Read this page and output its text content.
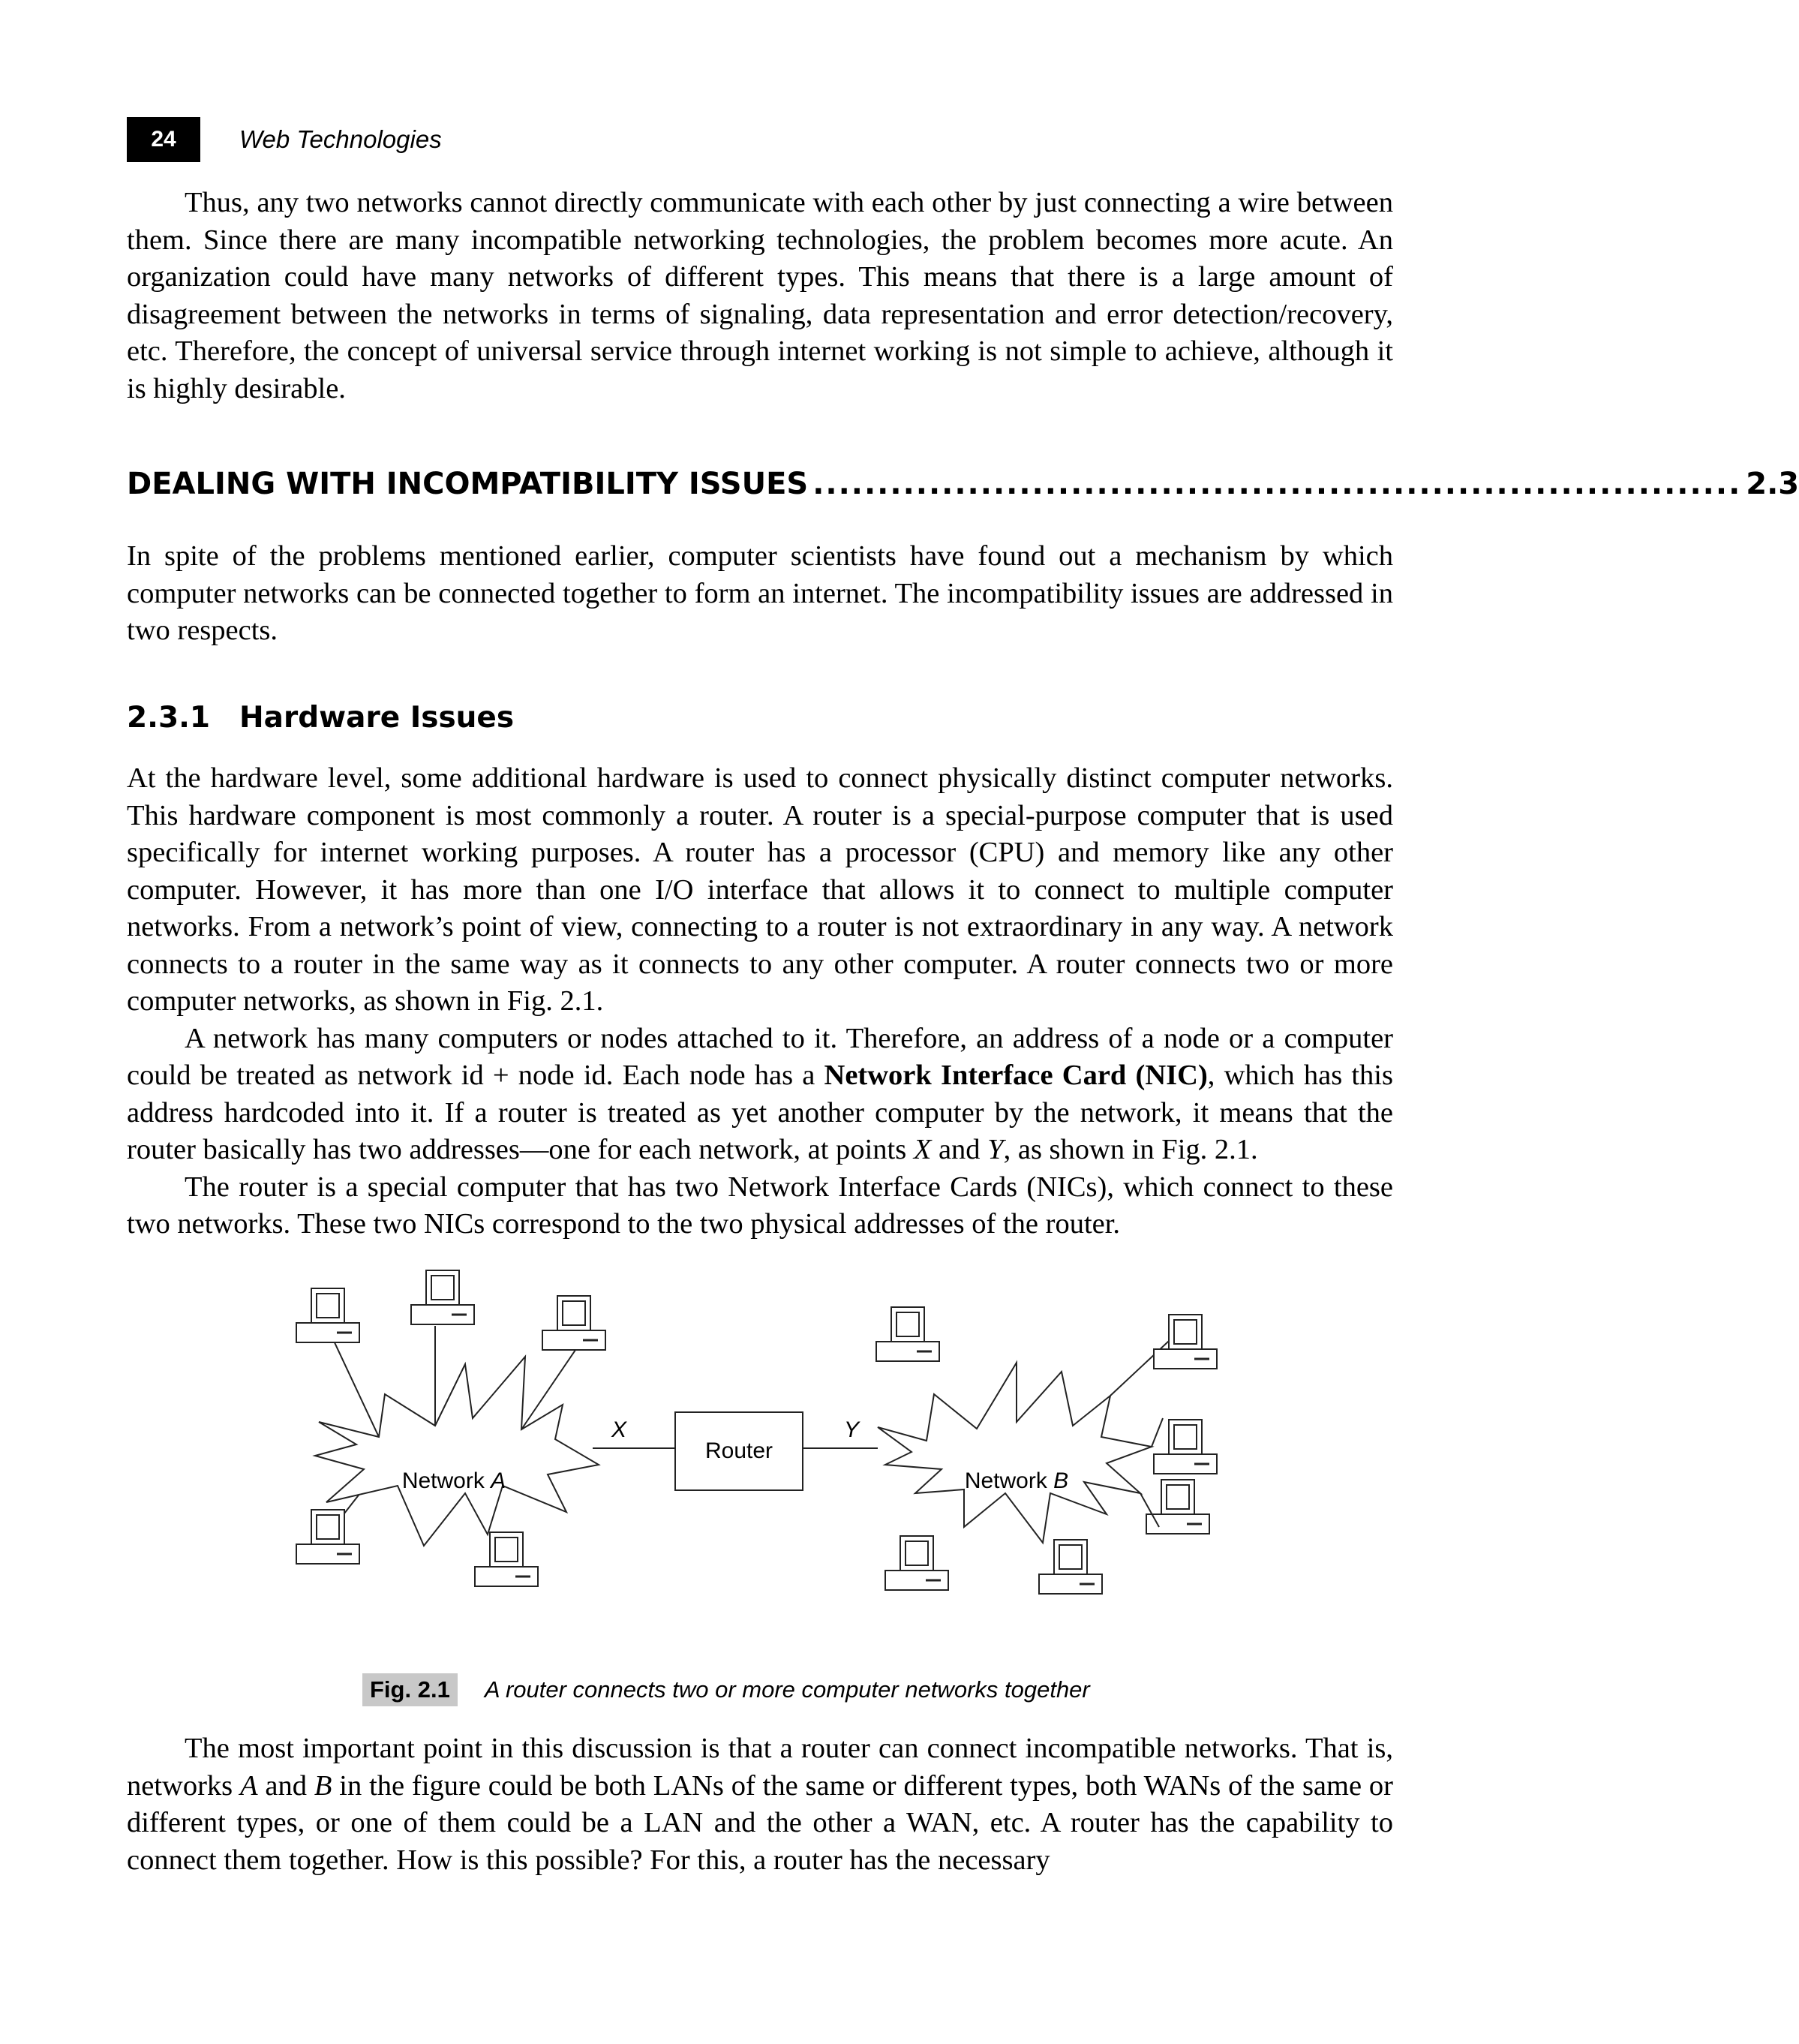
24	Web Technologies

Thus, any two networks cannot directly communicate with each other by just connecting a wire between them. Since there are many incompatible networking technologies, the problem becomes more acute. An organization could have many networks of different types. This means that there is a large amount of disagreement between the networks in terms of signaling, data representation and error detection/recovery, etc. Therefore, the concept of universal service through internet working is not simple to achieve, although it is highly desirable.

DEALING WITH INCOMPATIBILITY ISSUES ........................................................................ 2.3

In spite of the problems mentioned earlier, computer scientists have found out a mechanism by which computer networks can be connected together to form an internet. The incompatibility issues are addressed in two respects.

2.3.1 Hardware Issues

At the hardware level, some additional hardware is used to connect physically distinct computer networks. This hardware component is most commonly a router. A router is a special-purpose computer that is used specifically for internet working purposes. A router has a processor (CPU) and memory like any other computer. However, it has more than one I/O interface that allows it to connect to multiple computer networks. From a network’s point of view, connecting to a router is not extraordinary in any way. A network connects to a router in the same way as it connects to any other computer. A router connects two or more computer networks, as shown in Fig. 2.1.

A network has many computers or nodes attached to it. Therefore, an address of a node or a computer could be treated as network id + node id. Each node has a Network Interface Card (NIC), which has this address hardcoded into it. If a router is treated as yet another computer by the network, it means that the router basically has two addresses—one for each network, at points X and Y, as shown in Fig. 2.1.

The router is a special computer that has two Network Interface Cards (NICs), which connect to these two networks. These two NICs correspond to the two physical addresses of the router.

Router
X	Y
Network A	Network B
Fig. 2.1	A router connects two or more computer networks together

The most important point in this discussion is that a router can connect incompatible networks. That is, networks A and B in the figure could be both LANs of the same or different types, both WANs of the same or different types, or one of them could be a LAN and the other a WAN, etc. A router has the capability to connect them together. How is this possible? For this, a router has the necessary
